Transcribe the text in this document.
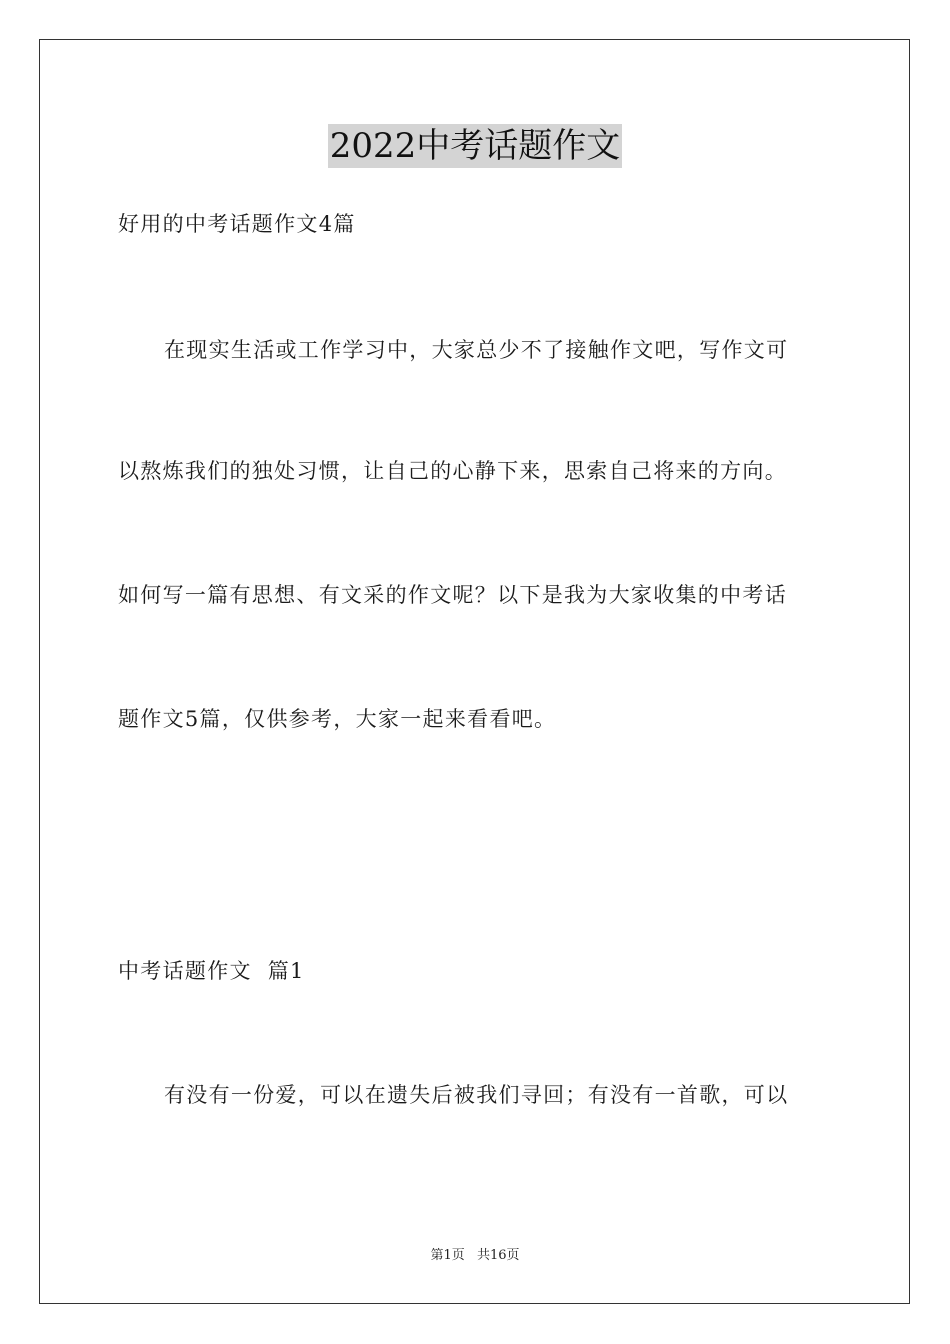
2022中考话题作文
好用的中考话题作文4篇
在现实生活或工作学习中，大家总少不了接触作文吧，写作文可
以熬炼我们的独处习惯，让自己的心静下来，思索自己将来的方向。
如何写一篇有思想、有文采的作文呢？以下是我为大家收集的中考话
题作文5篇，仅供参考，大家一起来看看吧。
中考话题作文  篇1
有没有一份爱，可以在遗失后被我们寻回；有没有一首歌，可以
第1页 共16页
